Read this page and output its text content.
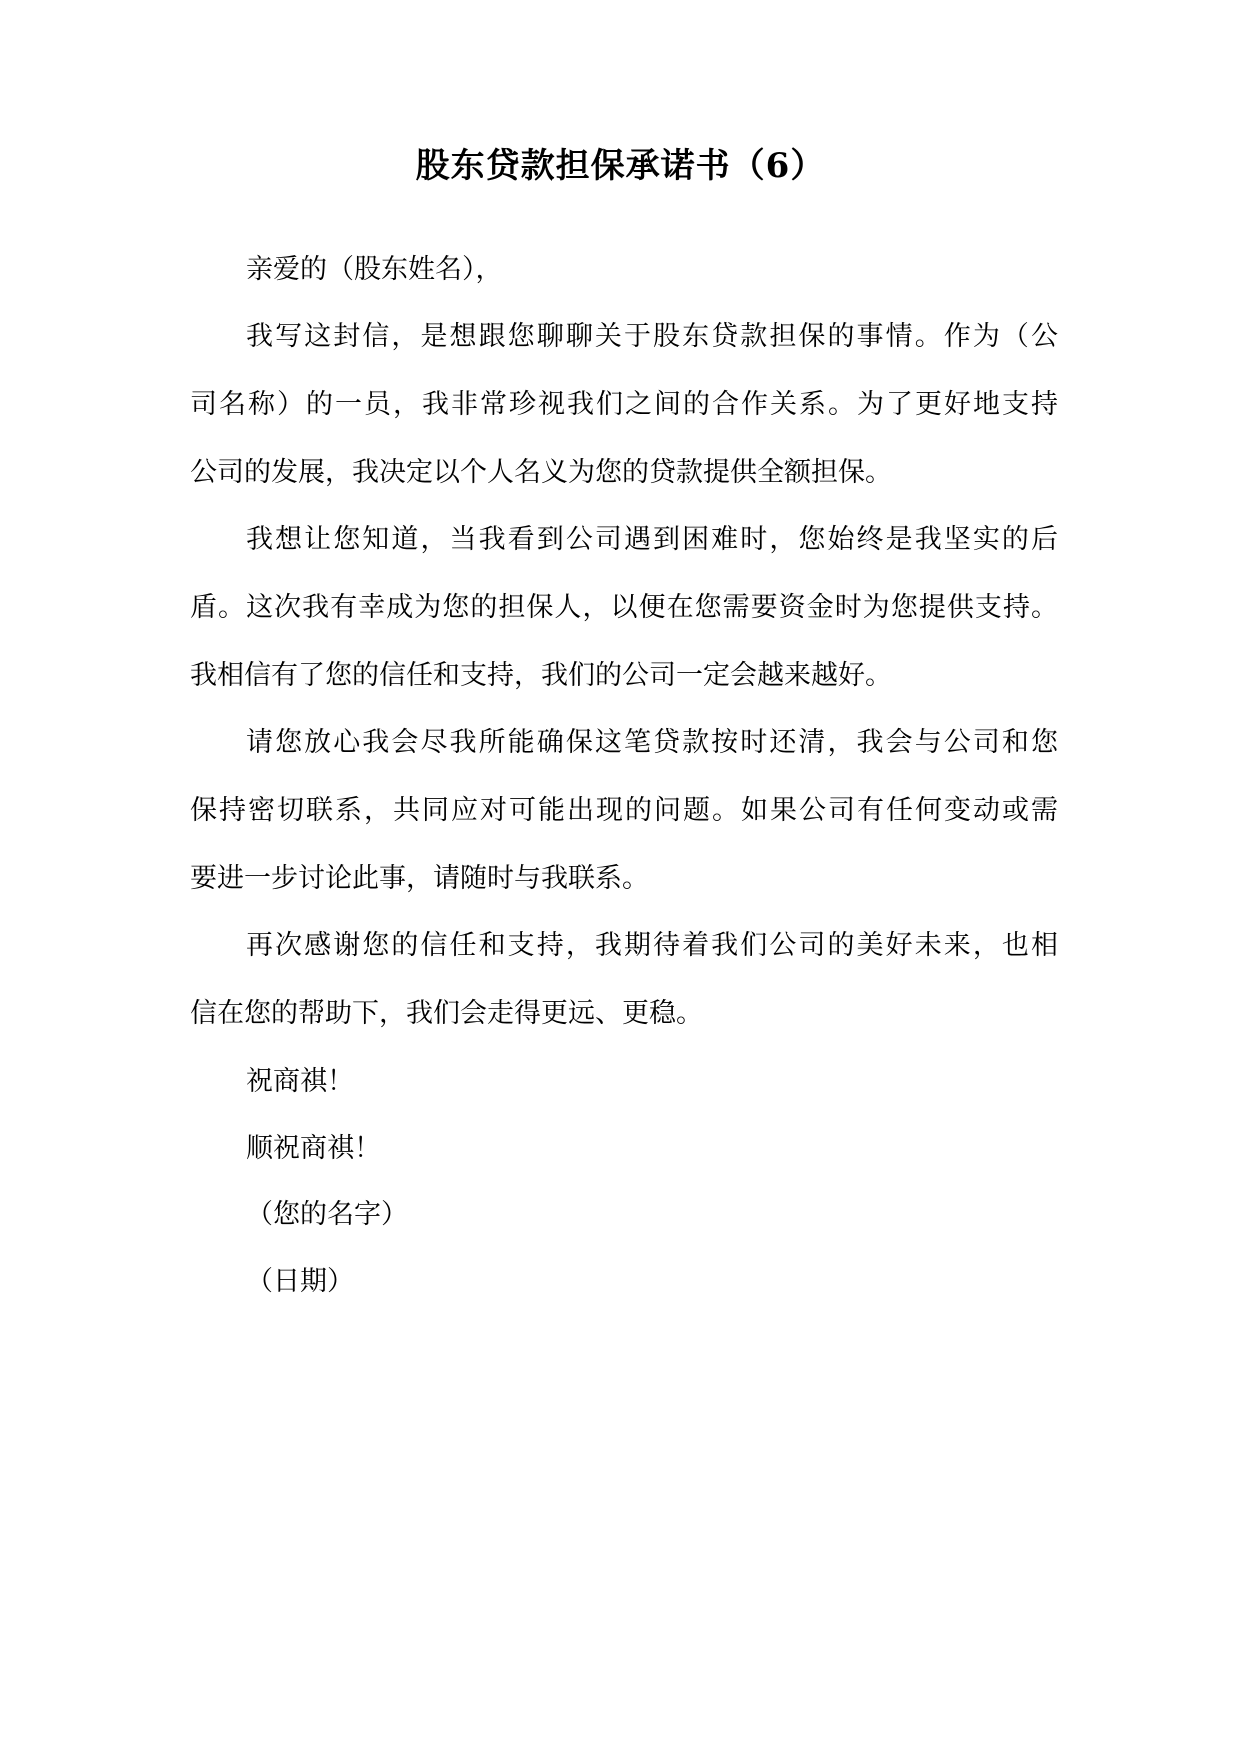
股东贷款担保承诺书（6）
亲爱的（股东姓名），
我写这封信，是想跟您聊聊关于股东贷款担保的事情。作为（公
司名称）的一员，我非常珍视我们之间的合作关系。为了更好地支持
公司的发展，我决定以个人名义为您的贷款提供全额担保。
我想让您知道，当我看到公司遇到困难时，您始终是我坚实的后
盾。这次我有幸成为您的担保人，以便在您需要资金时为您提供支持。
我相信有了您的信任和支持，我们的公司一定会越来越好。
请您放心我会尽我所能确保这笔贷款按时还清，我会与公司和您
保持密切联系，共同应对可能出现的问题。如果公司有任何变动或需
要进一步讨论此事，请随时与我联系。
再次感谢您的信任和支持，我期待着我们公司的美好未来，也相
信在您的帮助下，我们会走得更远、更稳。
祝商祺！
顺祝商祺！
（您的名字）
（日期）
